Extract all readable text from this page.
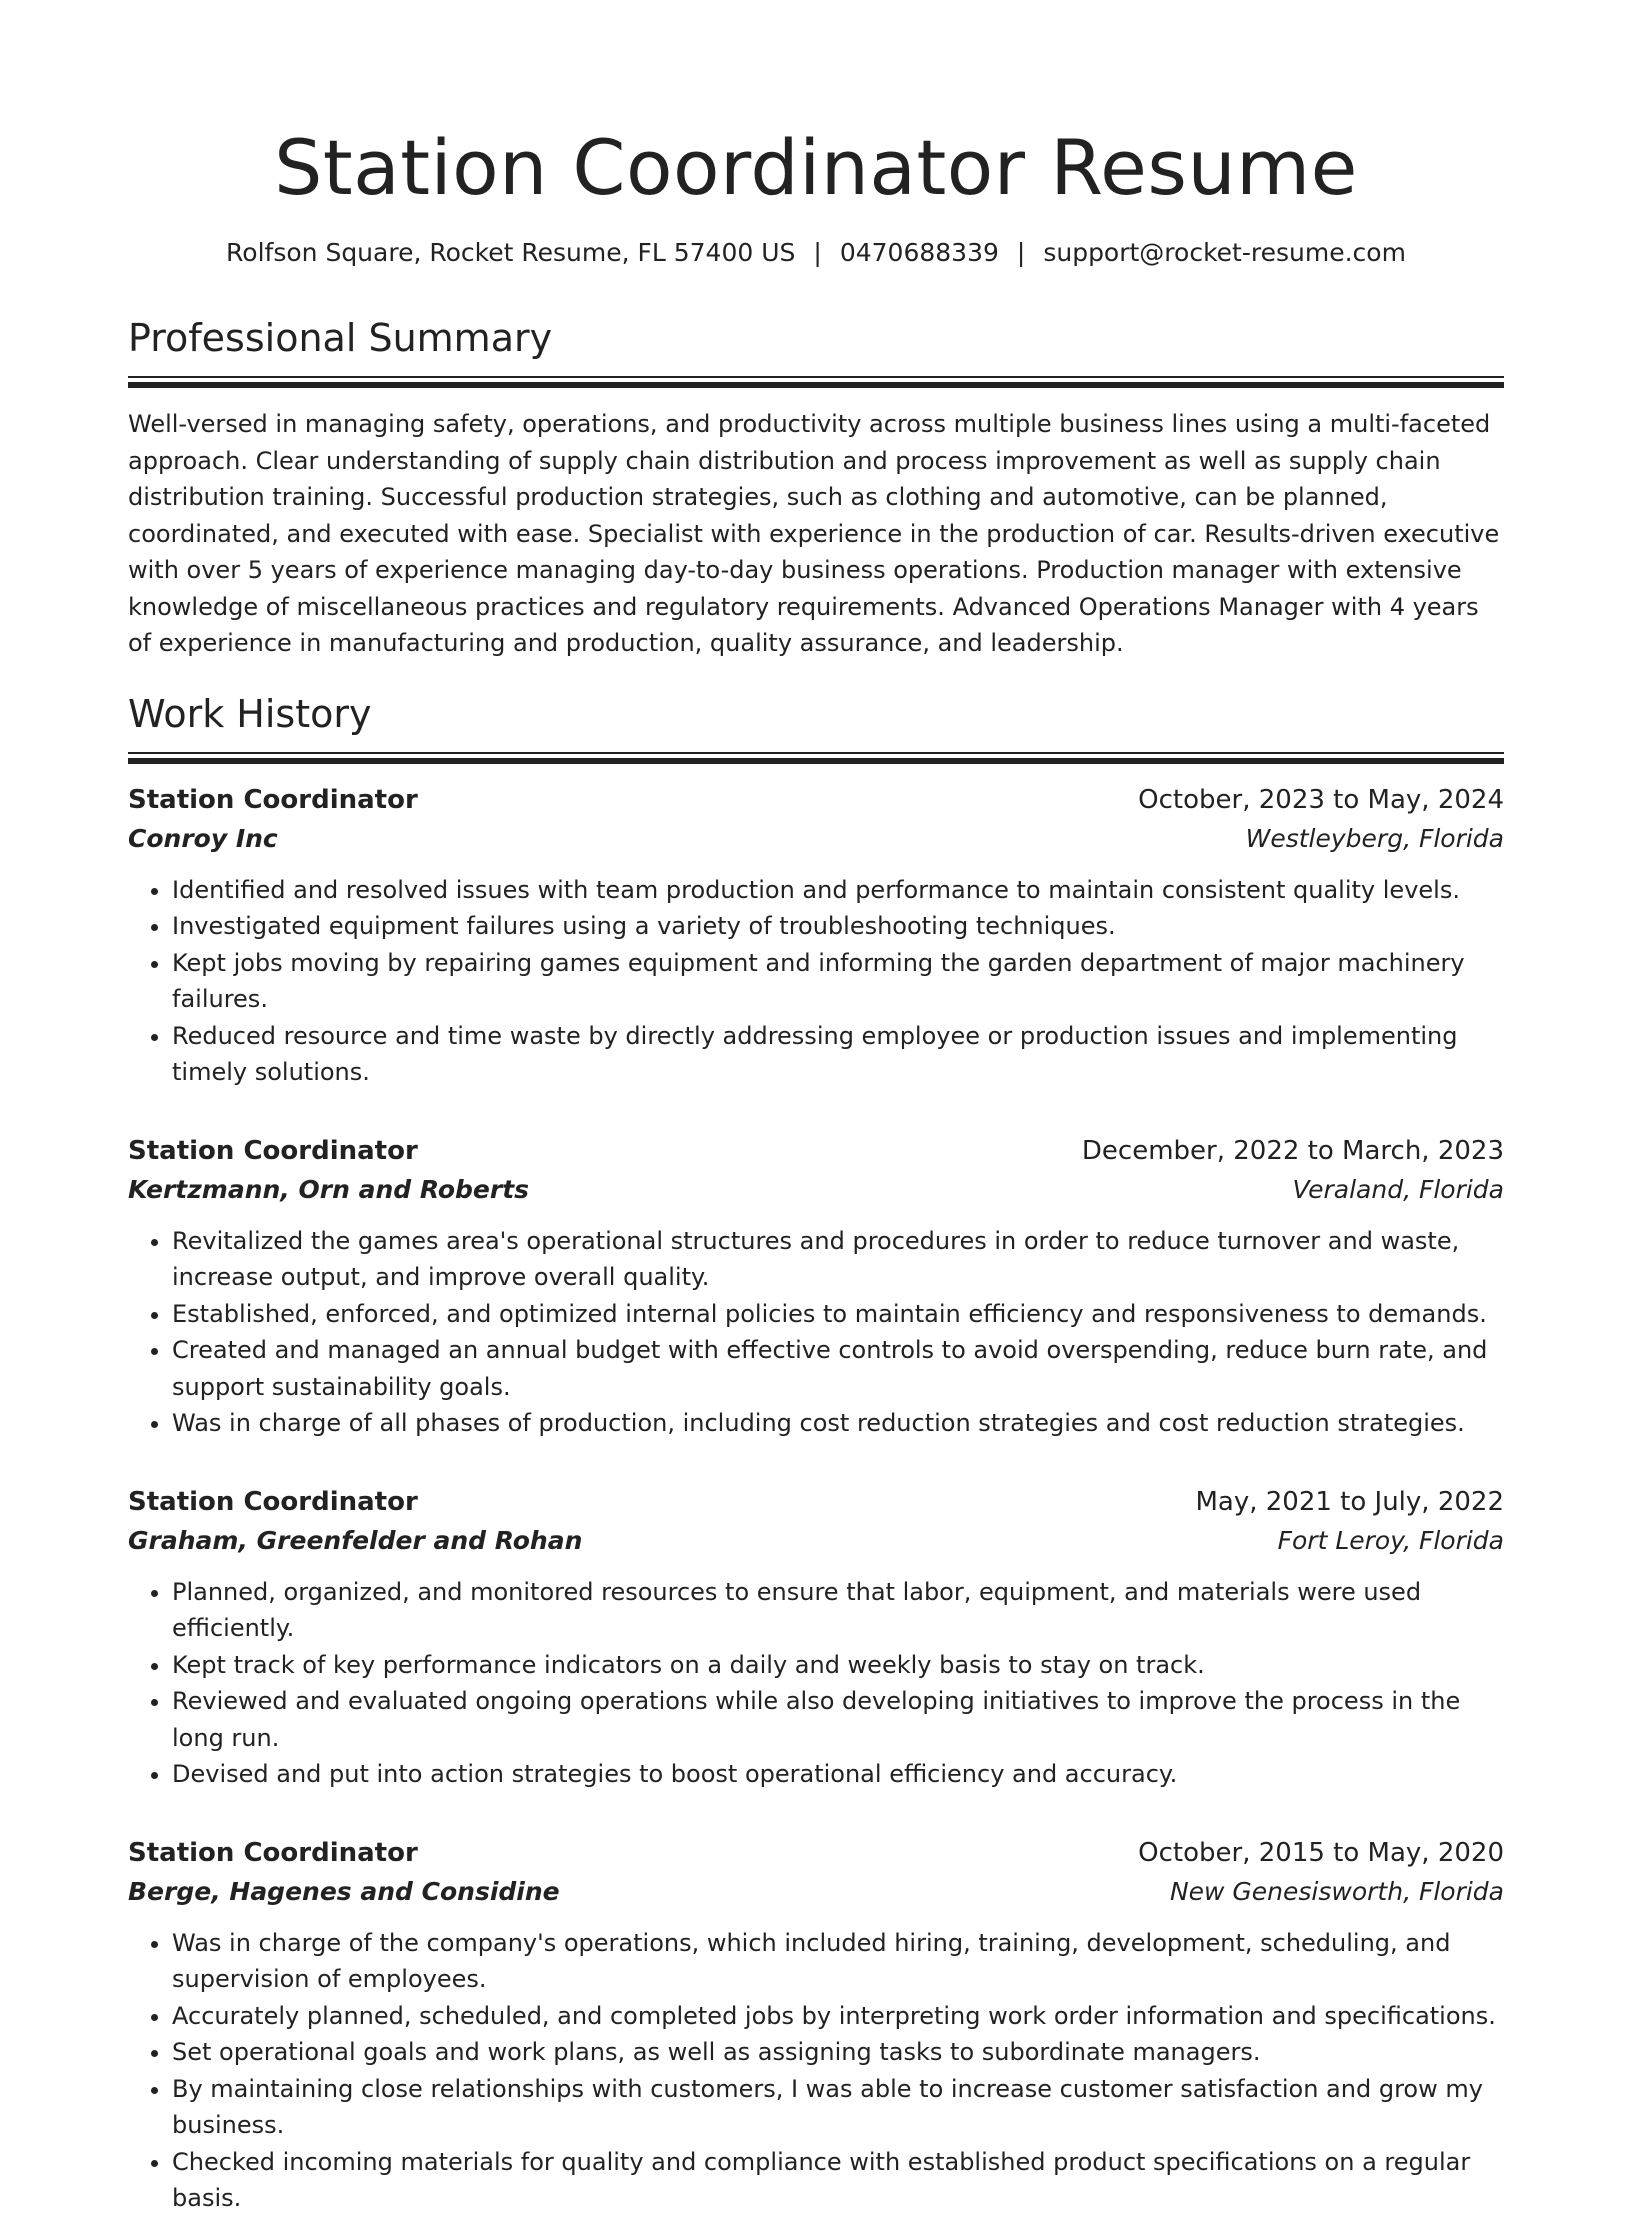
Station Coordinator Resume
Rolfson Square, Rocket Resume, FL 57400 US | 0470688339 | support@rocket-resume.com
Professional Summary

Well-versed in managing safety, operations, and productivity across multiple business lines using a multi-faceted approach. Clear understanding of supply chain distribution and process improvement as well as supply chain distribution training. Successful production strategies, such as clothing and automotive, can be planned, coordinated, and executed with ease. Specialist with experience in the production of car. Results-driven executive with over 5 years of experience managing day-to-day business operations. Production manager with extensive knowledge of miscellaneous practices and regulatory requirements. Advanced Operations Manager with 4 years of experience in manufacturing and production, quality assurance, and leadership.

Work History
Station Coordinator	October, 2023 to May, 2024
Conroy Inc	Westleyberg, Florida
• Identified and resolved issues with team production and performance to maintain consistent quality levels.
• Investigated equipment failures using a variety of troubleshooting techniques.
• Kept jobs moving by repairing games equipment and informing the garden department of major machinery failures.
• Reduced resource and time waste by directly addressing employee or production issues and implementing timely solutions.
Station Coordinator	December, 2022 to March, 2023
Kertzmann, Orn and Roberts	Veraland, Florida
• Revitalized the games area's operational structures and procedures in order to reduce turnover and waste, increase output, and improve overall quality.
• Established, enforced, and optimized internal policies to maintain efficiency and responsiveness to demands.
• Created and managed an annual budget with effective controls to avoid overspending, reduce burn rate, and support sustainability goals.
• Was in charge of all phases of production, including cost reduction strategies and cost reduction strategies.
Station Coordinator	May, 2021 to July, 2022
Graham, Greenfelder and Rohan	Fort Leroy, Florida
• Planned, organized, and monitored resources to ensure that labor, equipment, and materials were used efficiently.
• Kept track of key performance indicators on a daily and weekly basis to stay on track.
• Reviewed and evaluated ongoing operations while also developing initiatives to improve the process in the long run.
• Devised and put into action strategies to boost operational efficiency and accuracy.
Station Coordinator	October, 2015 to May, 2020
Berge, Hagenes and Considine	New Genesisworth, Florida
• Was in charge of the company's operations, which included hiring, training, development, scheduling, and supervision of employees.
• Accurately planned, scheduled, and completed jobs by interpreting work order information and specifications.
• Set operational goals and work plans, as well as assigning tasks to subordinate managers.
• By maintaining close relationships with customers, I was able to increase customer satisfaction and grow my business.
• Checked incoming materials for quality and compliance with established product specifications on a regular basis.
